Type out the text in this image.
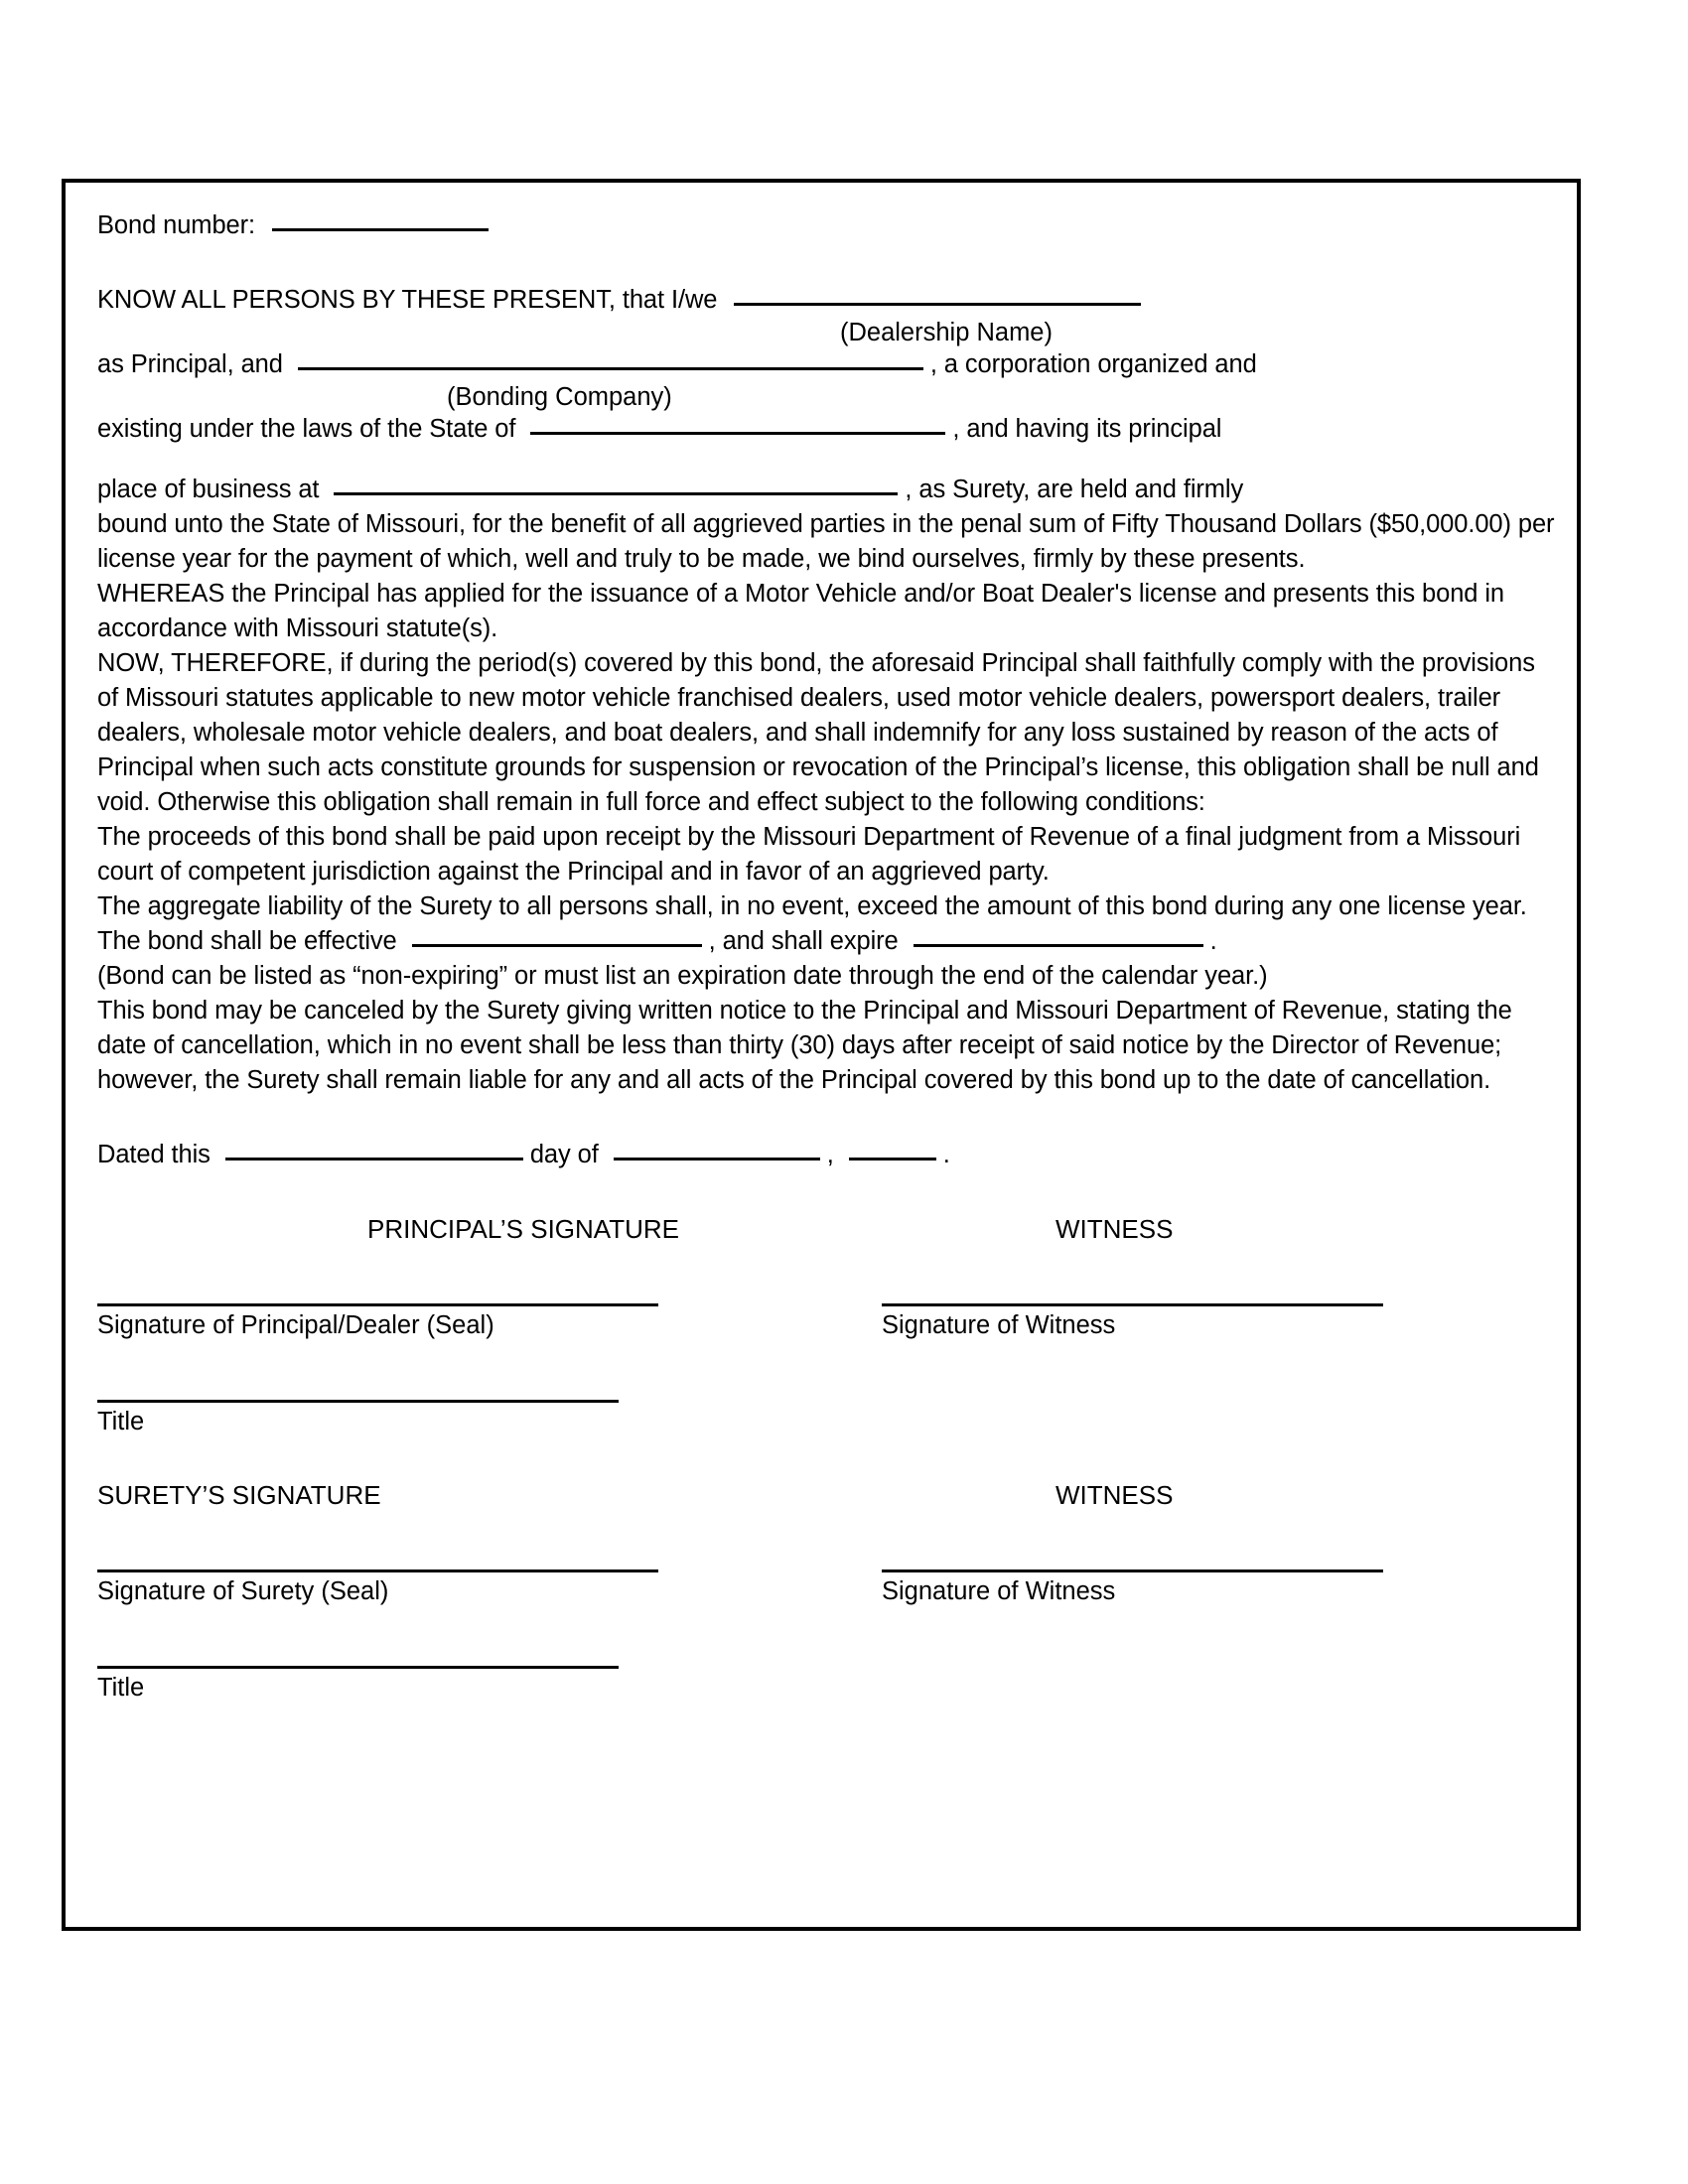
Bond number:
KNOW ALL PERSONS BY THESE PRESENT, that I/we
(Dealership Name)
as Principal, and	, a corporation organized and
(Bonding Company)
existing under the laws of the State of	, and having its principal
place of business at	, as Surety, are held and firmly
bound unto the State of Missouri, for the benefit of all aggrieved parties in the penal sum of Fifty Thousand Dollars ($50,000.00) per license year for the payment of which, well and truly to be made, we bind ourselves, firmly by these presents.
WHEREAS the Principal has applied for the issuance of a Motor Vehicle and/or Boat Dealer's license and presents this bond in accordance with Missouri statute(s).
NOW, THEREFORE, if during the period(s) covered by this bond, the aforesaid Principal shall faithfully comply with the provisions of Missouri statutes applicable to new motor vehicle franchised dealers, used motor vehicle dealers, powersport dealers, trailer dealers, wholesale motor vehicle dealers, and boat dealers, and shall indemnify for any loss sustained by reason of the acts of Principal when such acts constitute grounds for suspension or revocation of the Principal’s license, this obligation shall be null and void. Otherwise this obligation shall remain in full force and effect subject to the following conditions:
The proceeds of this bond shall be paid upon receipt by the Missouri Department of Revenue of a final judgment from a Missouri court of competent jurisdiction against the Principal and in favor of an aggrieved party.
The aggregate liability of the Surety to all persons shall, in no event, exceed the amount of this bond during any one license year.
The bond shall be effective	, and shall expire	.
(Bond can be listed as “non-expiring” or must list an expiration date through the end of the calendar year.)
This bond may be canceled by the Surety giving written notice to the Principal and Missouri Department of Revenue, stating the date of cancellation, which in no event shall be less than thirty (30) days after receipt of said notice by the Director of Revenue; however, the Surety shall remain liable for any and all acts of the Principal covered by this bond up to the date of cancellation.
Dated this	day of	,	.
PRINCIPAL’S SIGNATURE	WITNESS
Signature of Principal/Dealer (Seal)	Signature of Witness
Title
SURETY’S SIGNATURE	WITNESS
Signature of Surety (Seal)	Signature of Witness
Title
